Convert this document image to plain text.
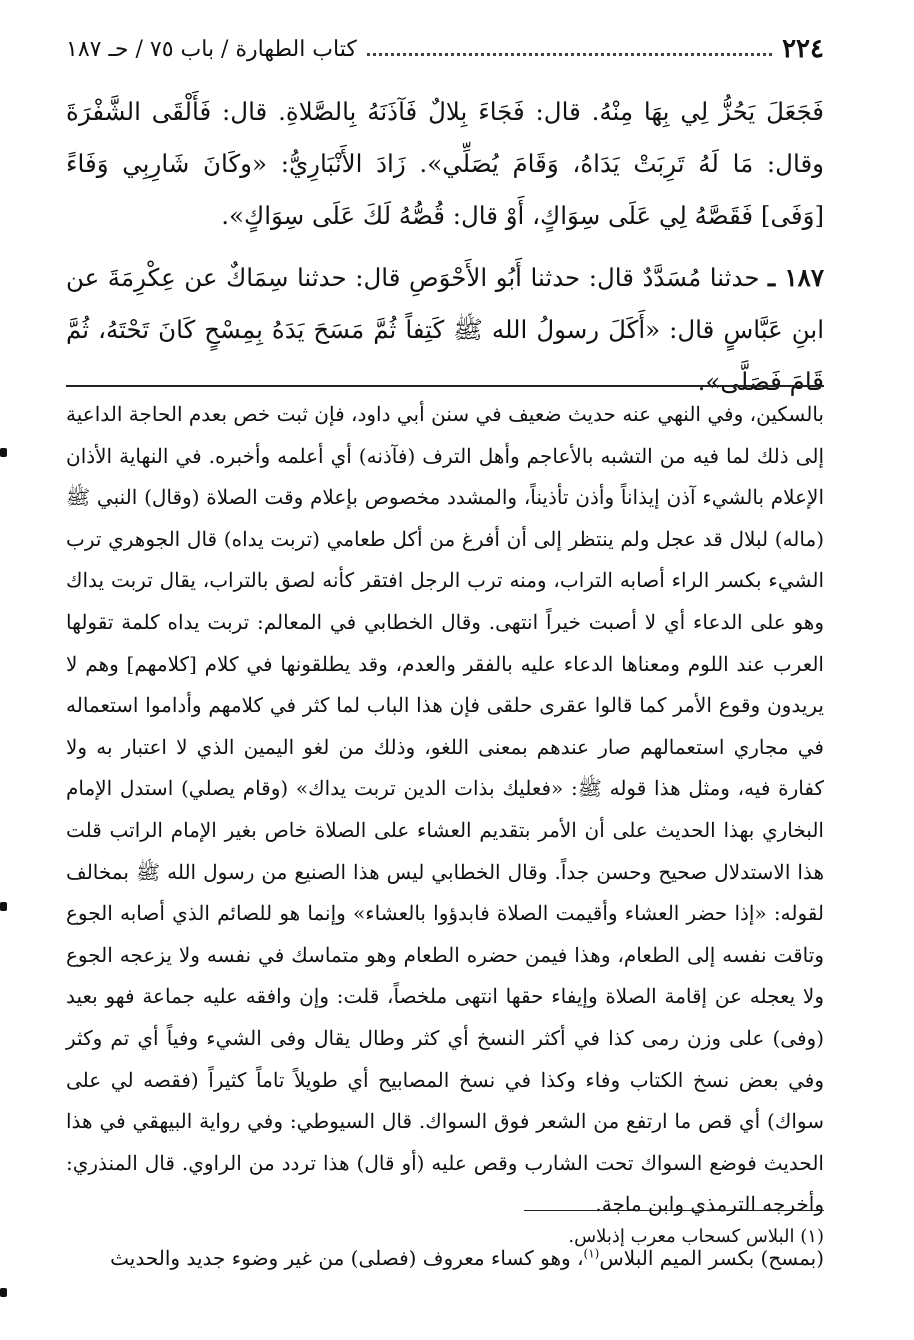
٢٢٤
كتاب الطهارة / باب ٧٥ / حـ ١٨٧

فَجَعَلَ يَحُزُّ لِي بِهَا مِنْهُ. قال: فَجَاءَ بِلالٌ فَآذَنَهُ بِالصَّلاةِ. قال: فَأَلْقَى الشَّفْرَةَ وقال: مَا لَهُ تَرِبَتْ يَدَاهُ، وَقَامَ يُصَلِّي». زَادَ الأَنْبَارِيُّ: «وكَانَ شَارِبِي وَفَاءً [وَفَى] فَقَصَّهُ لِي عَلَى سِوَاكٍ، أَوْ قال: قُصُّهُ لَكَ عَلَى سِوَاكٍ».

١٨٧ ـ حدثنا مُسَدَّدٌ قال: حدثنا أَبُو الأَحْوَصِ قال: حدثنا سِمَاكٌ عن عِكْرِمَةَ عن ابنِ عَبَّاسٍ قال: «أَكَلَ رسولُ الله ﷺ كَتِفاً ثُمَّ مَسَحَ يَدَهُ بِمِسْحٍ كَانَ تَحْتَهُ، ثُمَّ قَامَ فَصَلَّى».

بالسكين، وفي النهي عنه حديث ضعيف في سنن أبي داود، فإن ثبت خص بعدم الحاجة الداعية إلى ذلك لما فيه من التشبه بالأعاجم وأهل الترف (فآذنه) أي أعلمه وأخبره. في النهاية الأذان الإعلام بالشيء آذن إيذاناً وأذن تأذيناً، والمشدد مخصوص بإعلام وقت الصلاة (وقال) النبي ﷺ (ماله) لبلال قد عجل ولم ينتظر إلى أن أفرغ من أكل طعامي (تربت يداه) قال الجوهري ترب الشيء بكسر الراء أصابه التراب، ومنه ترب الرجل افتقر كأنه لصق بالتراب، يقال تربت يداك وهو على الدعاء أي لا أصبت خيراً انتهى. وقال الخطابي في المعالم: تربت يداه كلمة تقولها العرب عند اللوم ومعناها الدعاء عليه بالفقر والعدم، وقد يطلقونها في كلام [كلامهم] وهم لا يريدون وقوع الأمر كما قالوا عقرى حلقى فإن هذا الباب لما كثر في كلامهم وأداموا استعماله في مجاري استعمالهم صار عندهم بمعنى اللغو، وذلك من لغو اليمين الذي لا اعتبار به ولا كفارة فيه، ومثل هذا قوله ﷺ: «فعليك بذات الدين تربت يداك» (وقام يصلي) استدل الإمام البخاري بهذا الحديث على أن الأمر بتقديم العشاء على الصلاة خاص بغير الإمام الراتب قلت هذا الاستدلال صحيح وحسن جداً. وقال الخطابي ليس هذا الصنيع من رسول الله ﷺ بمخالف لقوله: «إذا حضر العشاء وأقيمت الصلاة فابدؤوا بالعشاء» وإنما هو للصائم الذي أصابه الجوع وتاقت نفسه إلى الطعام، وهذا فيمن حضره الطعام وهو متماسك في نفسه ولا يزعجه الجوع ولا يعجله عن إقامة الصلاة وإيفاء حقها انتهى ملخصاً، قلت: وإن وافقه عليه جماعة فهو بعيد (وفى) على وزن رمى كذا في أكثر النسخ أي كثر وطال يقال وفى الشيء وفياً أي تم وكثر وفي بعض نسخ الكتاب وفاء وكذا في نسخ المصابيح أي طويلاً تاماً كثيراً (فقصه لي على سواك) أي قص ما ارتفع من الشعر فوق السواك. قال السيوطي: وفي رواية البيهقي في هذا الحديث فوضع السواك تحت الشارب وقص عليه (أو قال) هذا تردد من الراوي. قال المنذري: وأخرجه الترمذي وابن ماجة.

(بمسح) بكسر الميم البلاس$^{(١)}$، وهو كساء معروف (فصلى) من غير وضوء جديد والحديث

(١) البلاس كسحاب معرب إذبلاس.
